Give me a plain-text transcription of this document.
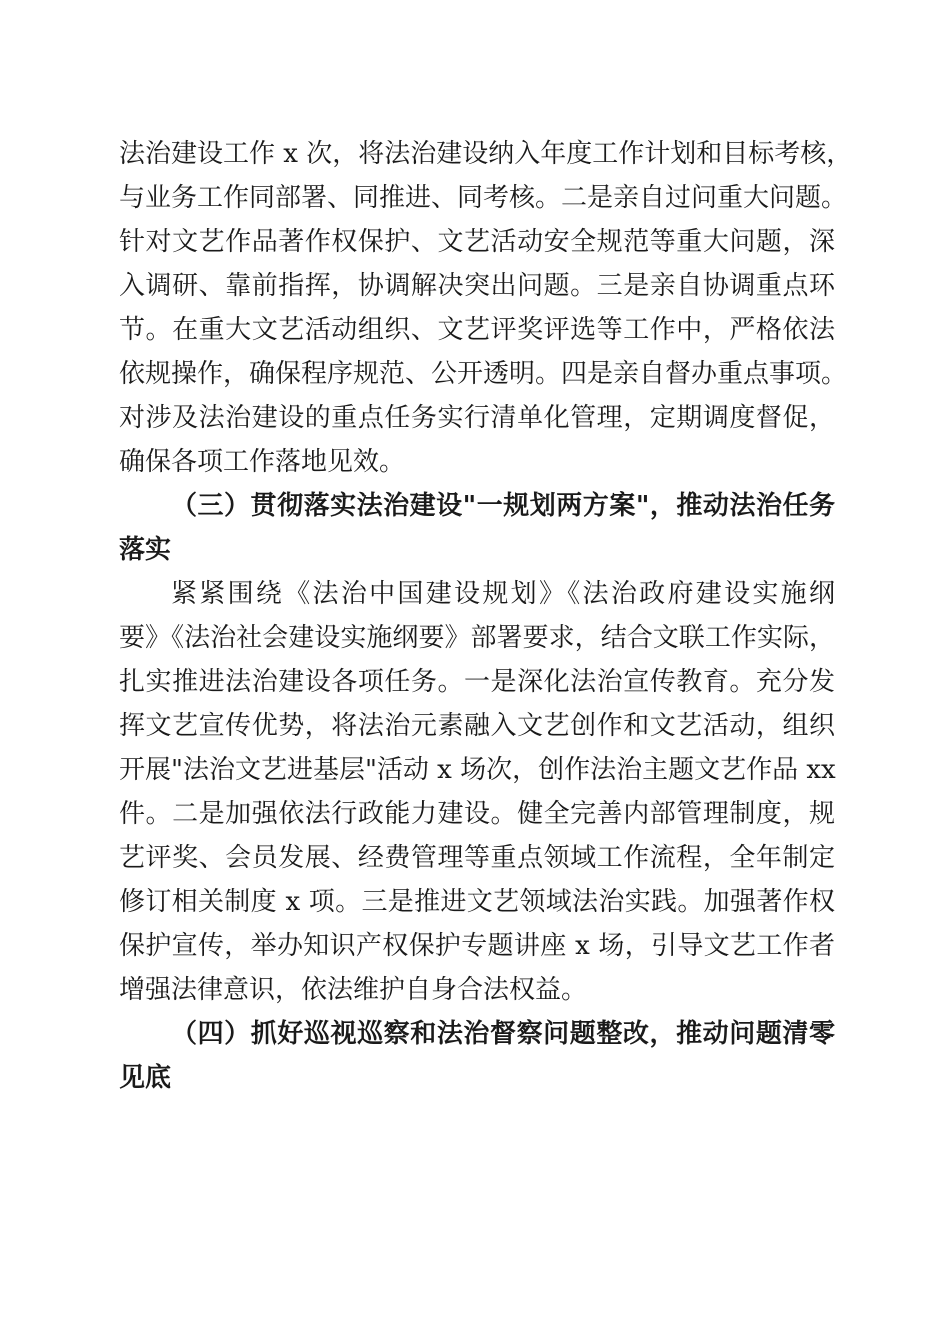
法治建设工作 x 次，将法治建设纳入年度工作计划和目标考核，
与业务工作同部署、同推进、同考核。二是亲自过问重大问题。
针对文艺作品著作权保护、文艺活动安全规范等重大问题，深
入调研、靠前指挥，协调解决突出问题。三是亲自协调重点环
节。在重大文艺活动组织、文艺评奖评选等工作中，严格依法
依规操作，确保程序规范、公开透明。四是亲自督办重点事项。
对涉及法治建设的重点任务实行清单化管理，定期调度督促，
确保各项工作落地见效。
（三）贯彻落实法治建设"一规划两方案"，推动法治任务
落实
紧紧围绕《法治中国建设规划》《法治政府建设实施纲
要》《法治社会建设实施纲要》部署要求，结合文联工作实际，
扎实推进法治建设各项任务。一是深化法治宣传教育。充分发
挥文艺宣传优势，将法治元素融入文艺创作和文艺活动，组织
开展"法治文艺进基层"活动 x 场次，创作法治主题文艺作品 xx
件。二是加强依法行政能力建设。健全完善内部管理制度，规
艺评奖、会员发展、经费管理等重点领域工作流程，全年制定
修订相关制度 x 项。三是推进文艺领域法治实践。加强著作权
保护宣传，举办知识产权保护专题讲座 x 场，引导文艺工作者
增强法律意识，依法维护自身合法权益。
（四）抓好巡视巡察和法治督察问题整改，推动问题清零
见底
